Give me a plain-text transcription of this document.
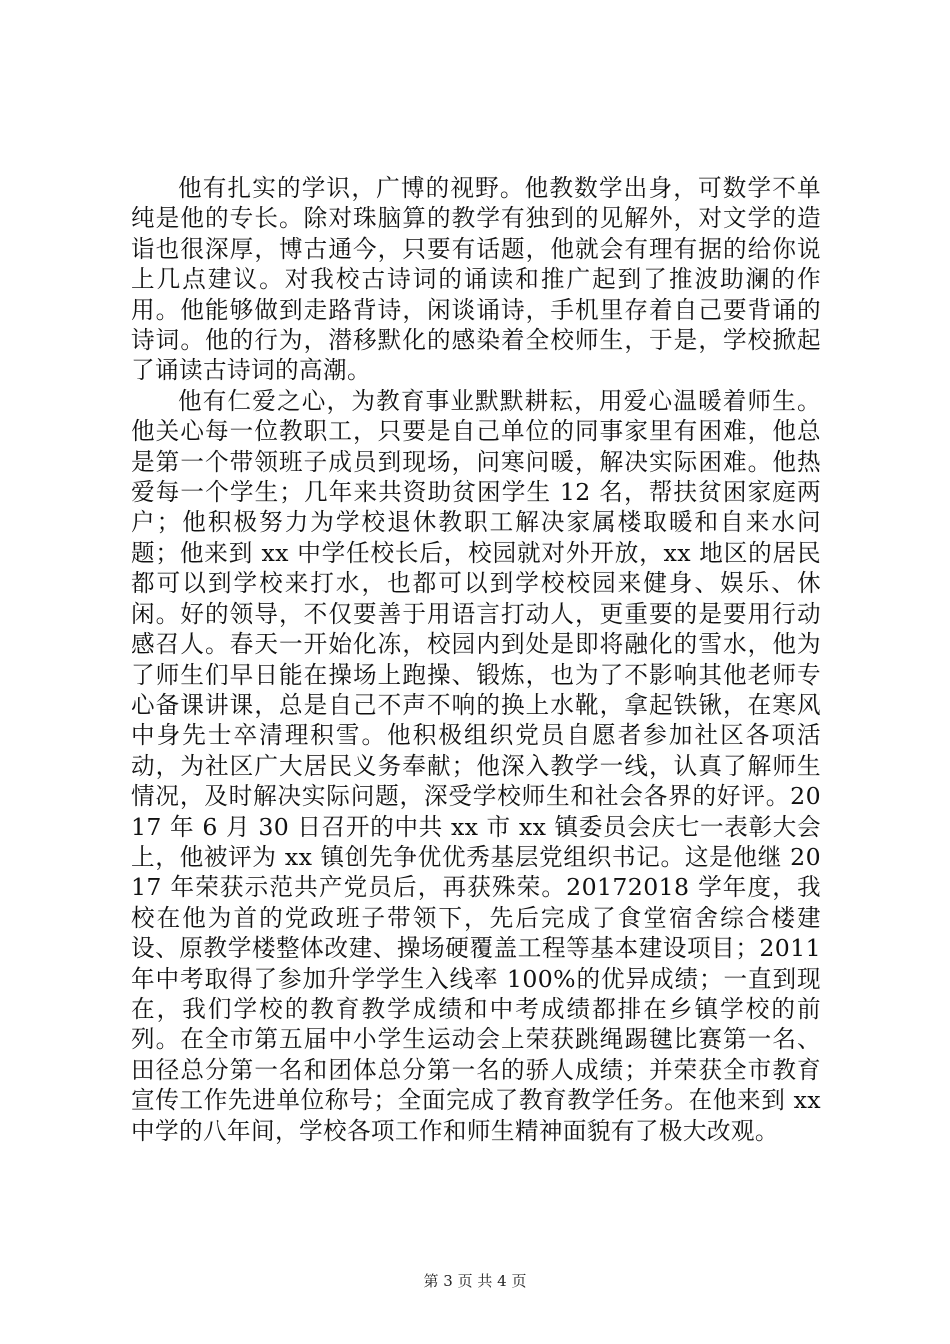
他有扎实的学识，广博的视野。他教数学出身，可数学不单纯是他的专长。除对珠脑算的教学有独到的见解外，对文学的造诣也很深厚，博古通今，只要有话题，他就会有理有据的给你说上几点建议。对我校古诗词的诵读和推广起到了推波助澜的作用。他能够做到走路背诗，闲谈诵诗，手机里存着自己要背诵的诗词。他的行为，潜移默化的感染着全校师生，于是，学校掀起了诵读古诗词的高潮。

他有仁爱之心，为教育事业默默耕耘，用爱心温暖着师生。他关心每一位教职工，只要是自己单位的同事家里有困难，他总是第一个带领班子成员到现场，问寒问暖，解决实际困难。他热爱每一个学生；几年来共资助贫困学生 12 名，帮扶贫困家庭两户；他积极努力为学校退休教职工解决家属楼取暖和自来水问题；他来到 xx 中学任校长后，校园就对外开放，xx 地区的居民都可以到学校来打水，也都可以到学校校园来健身、娱乐、休闲。好的领导，不仅要善于用语言打动人，更重要的是要用行动感召人。春天一开始化冻，校园内到处是即将融化的雪水，他为了师生们早日能在操场上跑操、锻炼，也为了不影响其他老师专心备课讲课，总是自己不声不响的换上水靴，拿起铁锹，在寒风中身先士卒清理积雪。他积极组织党员自愿者参加社区各项活动，为社区广大居民义务奉献；他深入教学一线，认真了解师生情况，及时解决实际问题，深受学校师生和社会各界的好评。2017 年 6 月 30 日召开的中共 xx 市 xx 镇委员会庆七一表彰大会上，他被评为 xx 镇创先争优优秀基层党组织书记。这是他继 2017 年荣获示范共产党员后，再获殊荣。20172018 学年度，我校在他为首的党政班子带领下，先后完成了食堂宿舍综合楼建设、原教学楼整体改建、操场硬覆盖工程等基本建设项目；2011 年中考取得了参加升学学生入线率 100%的优异成绩；一直到现在，我们学校的教育教学成绩和中考成绩都排在乡镇学校的前列。在全市第五届中小学生运动会上荣获跳绳踢毽比赛第一名、田径总分第一名和团体总分第一名的骄人成绩；并荣获全市教育宣传工作先进单位称号；全面完成了教育教学任务。在他来到 xx 中学的八年间，学校各项工作和师生精神面貌有了极大改观。

第 3 页 共 4 页
